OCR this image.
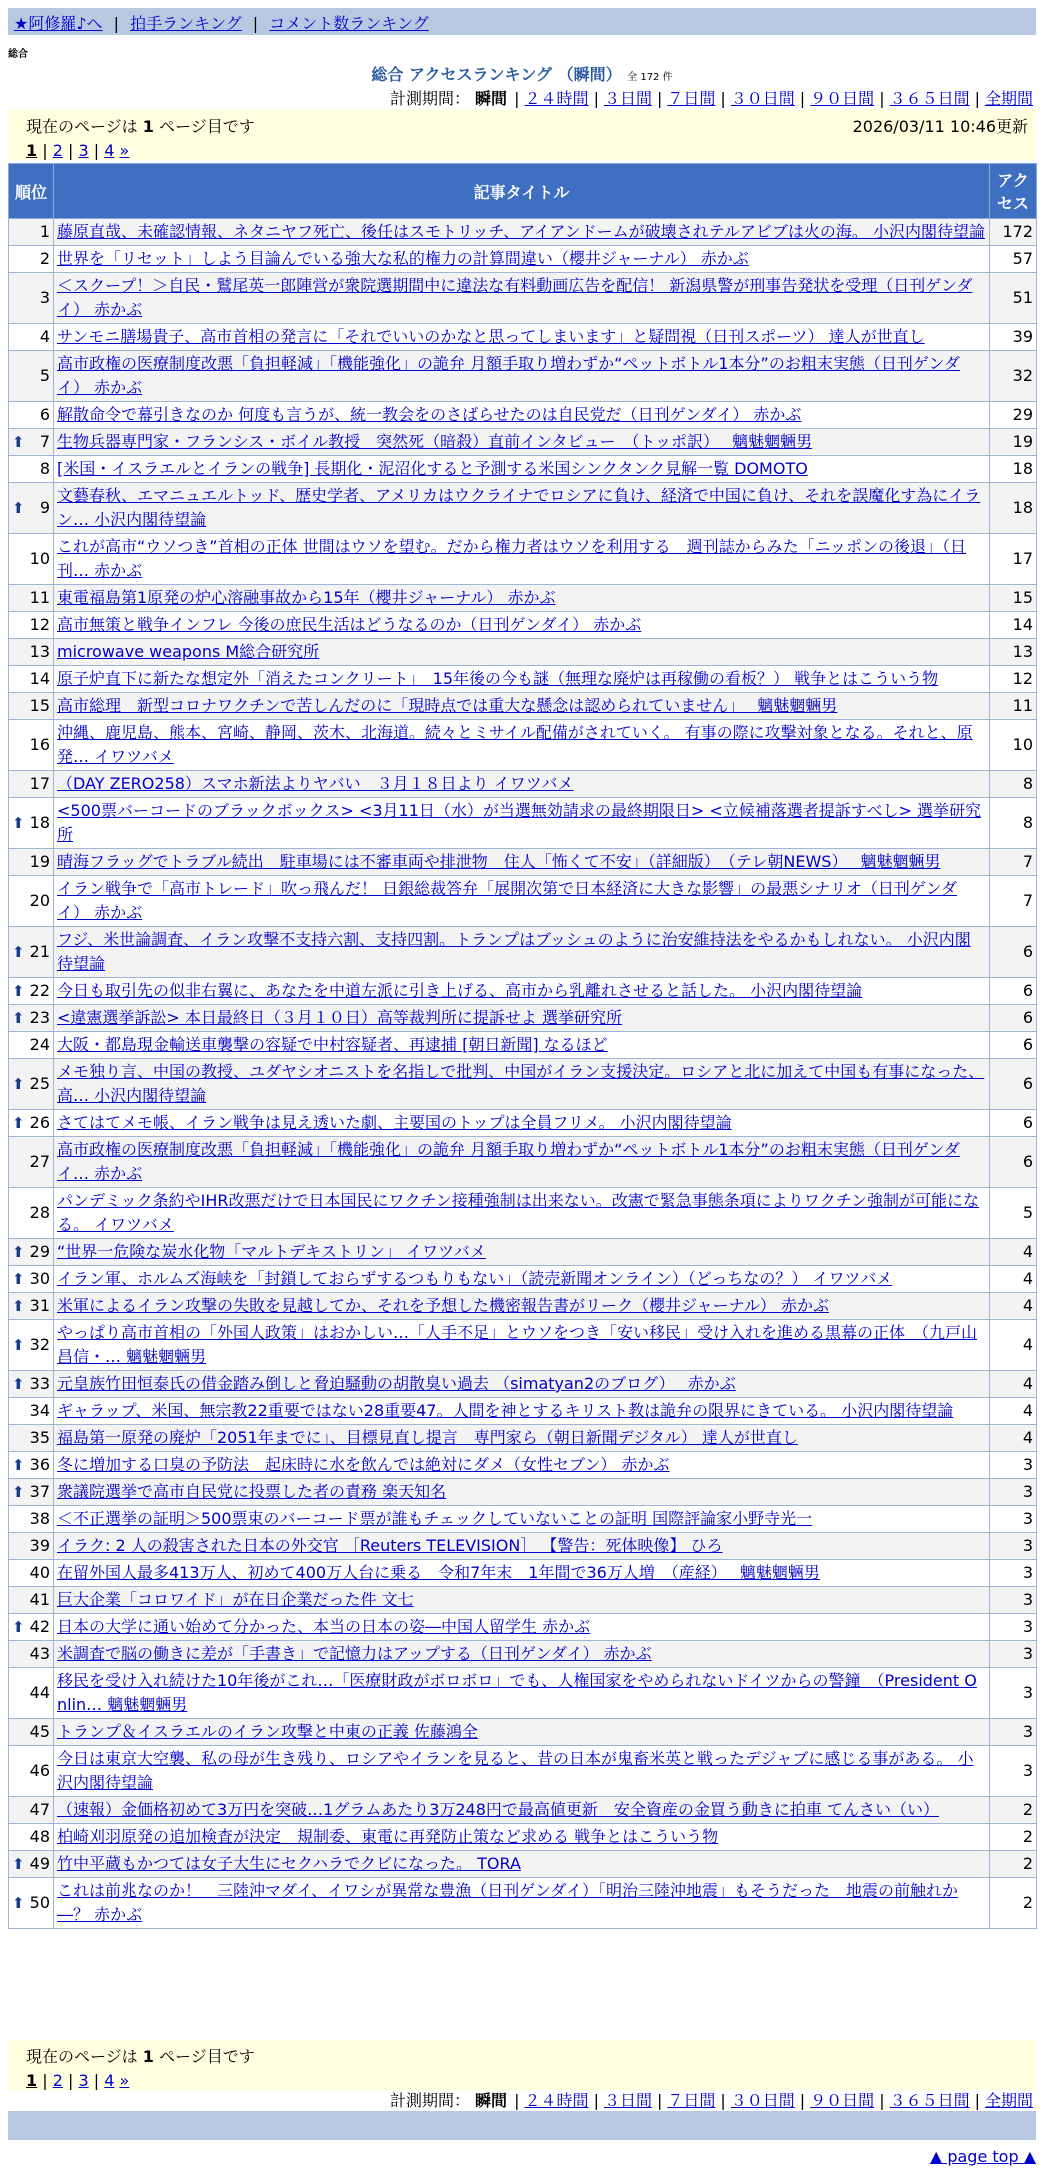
★阿修羅♪へ | 拍手ランキング | コメント数ランキング
総合
総合 アクセスランキング （瞬間） 全 172 件
計測期間： 瞬間 | ２４時間 | ３日間 | ７日間 | ３０日間 | ９０日間 | ３６５日間 | 全期間
現在のページは 1 ページ目です	2026/03/11 10:46更新
1 | 2 | 3 | 4 »
順位	記事タイトル	アクセス
1	藤原直哉、未確認情報、ネタニヤフ死亡、後任はスモトリッチ、アイアンドームが破壊されテルアビブは火の海。 小沢内閣待望論	172
2	世界を「リセット」しよう目論んでいる強大な私的権力の計算間違い（櫻井ジャーナル） 赤かぶ	57
3	＜スクープ！＞自民・鷲尾英一郎陣営が衆院選期間中に違法な有料動画広告を配信！ 新潟県警が刑事告発状を受理（日刊ゲンダイ） 赤かぶ	51
4	サンモニ膳場貴子、高市首相の発言に「それでいいのかなと思ってしまいます」と疑問視（日刊スポーツ） 達人が世直し	39
5	高市政権の医療制度改悪「負担軽減」「機能強化」の詭弁 月額手取り増わずか“ペットボトル1本分”のお粗末実態（日刊ゲンダイ） 赤かぶ	32
6	解散命令で幕引きなのか 何度も言うが、統一教会をのさばらせたのは自民党だ（日刊ゲンダイ） 赤かぶ	29

⬆ 7	生物兵器専門家・フランシス・ボイル教授　突然死（暗殺）直前インタビュー　（トッポ訳）　 魑魅魍魎男	19
8	[米国・イスラエルとイランの戦争] 長期化・泥沼化すると予測する米国シンクタンク見解一覧 DOMOTO	18

⬆ 9	文藝春秋、エマニュエルトッド、歴史学者、アメリカはウクライナでロシアに負け、経済で中国に負け、それを誤魔化す為にイラン… 小沢内閣待望論	18
10	これが高市“ウソつき”首相の正体 世間はウソを望む。だから権力者はウソを利用する　週刊誌からみた「ニッポンの後退」（日刊… 赤かぶ	17
11	東電福島第1原発の炉心溶融事故から15年（櫻井ジャーナル） 赤かぶ	15
12	高市無策と戦争インフレ 今後の庶民生活はどうなるのか（日刊ゲンダイ） 赤かぶ	14
13	microwave weapons M総合研究所	13
14	原子炉直下に新たな想定外「消えたコンクリート」　15年後の今も謎（無理な廃炉は再稼働の看板？） 戦争とはこういう物	12
15	高市総理　新型コロナワクチンで苦しんだのに「現時点では重大な懸念は認められていません」　 魑魅魍魎男	11
16	沖縄、鹿児島、熊本、宮崎、静岡、茨木、北海道。続々とミサイル配備がされていく。 有事の際に攻撃対象となる。それと、原発… イワツバメ	10
17	（DAY ZERO258）スマホ新法よりヤバい　３月１８日より イワツバメ	8

⬆ 18	<500票バーコードのブラックボックス> <3月11日（水）が当選無効請求の最終期限日> <立候補落選者提訴すべし> 選挙研究所	8
19	晴海フラッグでトラブル続出　駐車場には不審車両や排泄物　住人「怖くて不安」（詳細版）　（テレ朝NEWS）　 魑魅魍魎男	7
20	イラン戦争で「高市トレード」吹っ飛んだ！ 日銀総裁答弁「展開次第で日本経済に大きな影響」の最悪シナリオ（日刊ゲンダイ） 赤かぶ	7

⬆ 21	フジ、米世論調査、イラン攻撃不支持六割、支持四割。トランプはブッシュのように治安維持法をやるかもしれない。 小沢内閣待望論	6

⬆ 22	今日も取引先の似非右翼に、あなたを中道左派に引き上げる、高市から乳離れさせると話した。 小沢内閣待望論	6

⬆ 23	<違憲選挙訴訟> 本日最終日（３月１０日）高等裁判所に提訴せよ 選挙研究所	6
24	大阪・都島現金輸送車襲撃の容疑で中村容疑者、再逮捕 [朝日新聞] なるほど	6

⬆ 25	メモ独り言、中国の教授、ユダヤシオニストを名指しで批判、中国がイラン支援決定。ロシアと北に加えて中国も有事になった、高… 小沢内閣待望論	6

⬆ 26	さてはてメモ帳、イラン戦争は見え透いた劇、主要国のトップは全員フリメ。 小沢内閣待望論	6
27	高市政権の医療制度改悪「負担軽減」「機能強化」の詭弁 月額手取り増わずか“ペットボトル1本分”のお粗末実態（日刊ゲンダイ… 赤かぶ	6
28	パンデミック条約やIHR改悪だけで日本国民にワクチン接種強制は出来ない。改憲で緊急事態条項によりワクチン強制が可能になる。 イワツバメ	5

⬆ 29	“世界一危険な炭水化物「マルトデキストリン」 イワツバメ	4

⬆ 30	イラン軍、ホルムズ海峡を「封鎖しておらずするつもりもない」（読売新聞オンライン）（どっちなの？） イワツバメ	4

⬆ 31	米軍によるイラン攻撃の失敗を見越してか、それを予想した機密報告書がリーク（櫻井ジャーナル） 赤かぶ	4

⬆ 32	やっぱり高市首相の「外国人政策」はおかしい…「人手不足」とウソをつき「安い移民」受け入れを進める黒幕の正体　（九戸山 昌信・… 魑魅魍魎男	4

⬆ 33	元皇族竹田恒泰氏の借金踏み倒しと脅迫騒動の胡散臭い過去 （simatyan2のブログ）　 赤かぶ	4
34	ギャラップ、米国、無宗教22重要ではない28重要47。人間を神とするキリスト教は詭弁の限界にきている。 小沢内閣待望論	4
35	福島第一原発の廃炉「2051年までに」、目標見直し提言　専門家ら（朝日新聞デジタル） 達人が世直し	4

⬆ 36	冬に増加する口臭の予防法　起床時に水を飲んでは絶対にダメ（女性セブン） 赤かぶ	3

⬆ 37	衆議院選挙で高市自民党に投票した者の責務 楽天知名	3
38	＜不正選挙の証明＞500票束のバーコード票が誰もチェックしていないことの証明 国際評論家小野寺光一	3
39	イラク: 2 人の殺害された日本の外交官 ［Reuters TELEVISION］ 【警告：死体映像】 ひろ	3
40	在留外国人最多413万人、初めて400万人台に乗る　令和7年末　1年間で36万人増　（産経）　 魑魅魍魎男	3
41	巨大企業「コロワイド」が在日企業だった件 文七	3

⬆ 42	日本の大学に通い始めて分かった、本当の日本の姿―中国人留学生 赤かぶ	3
43	米調査で脳の働きに差が「手書き」で記憶力はアップする（日刊ゲンダイ） 赤かぶ	3
44	移民を受け入れ続けた10年後がこれ…「医療財政がボロボロ」でも、人権国家をやめられないドイツからの警鐘　（President Onlin… 魑魅魍魎男	3
45	トランプ＆イスラエルのイラン攻撃と中東の正義 佐藤鴻全	3
46	今日は東京大空襲、私の母が生き残り、ロシアやイランを見ると、昔の日本が鬼畜米英と戦ったデジャブに感じる事がある。 小沢内閣待望論	3
47	（速報）金価格初めて3万円を突破…1グラムあたり3万248円で最高値更新　安全資産の金買う動きに拍車 てんさい（い）	2
48	柏崎刈羽原発の追加検査が決定　規制委、東電に再発防止策など求める 戦争とはこういう物	2

⬆ 49	竹中平蔵もかつては女子大生にセクハラでクビになった。 TORA	2

⬆ 50	これは前兆なのか！　三陸沖マダイ、イワシが異常な豊漁（日刊ゲンダイ）「明治三陸沖地震」もそうだった　地震の前触れか―？ 赤かぶ	2
現在のページは 1 ページ目です
1 | 2 | 3 | 4 »
計測期間： 瞬間 | ２４時間 | ３日間 | ７日間 | ３０日間 | ９０日間 | ３６５日間 | 全期間
▲ page top ▲
